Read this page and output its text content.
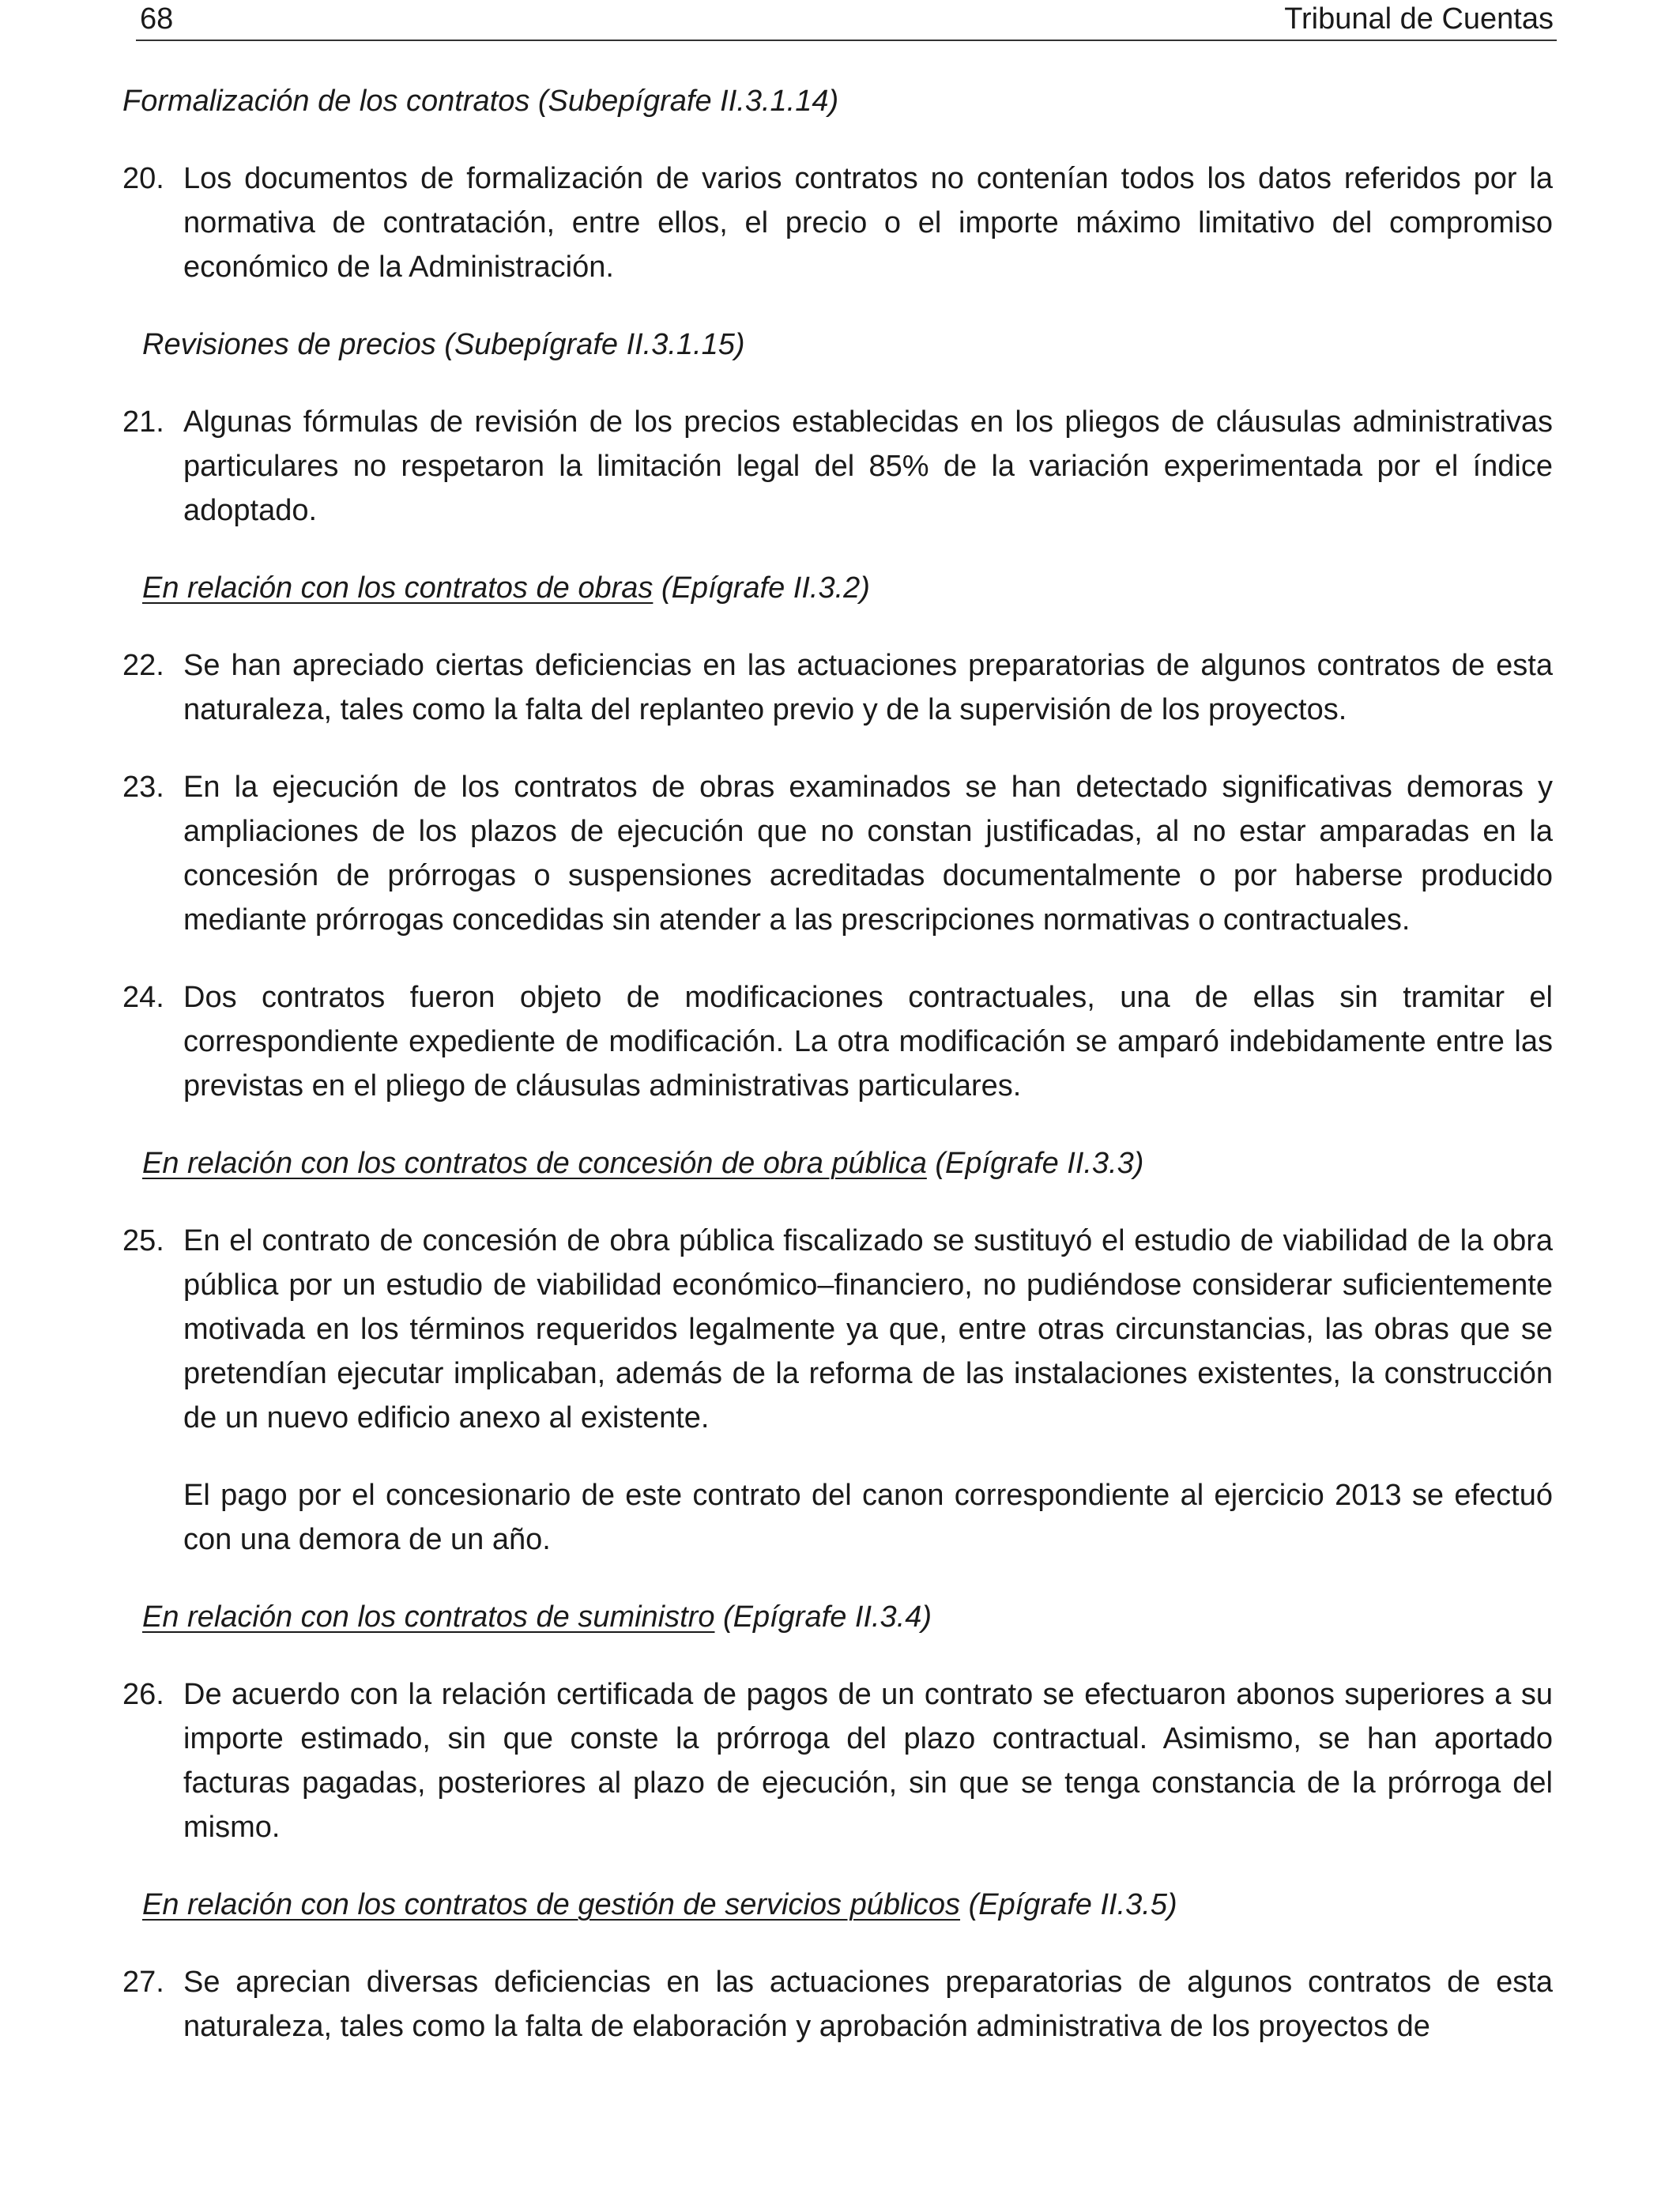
68	Tribunal de Cuentas

Formalización de los contratos (Subepígrafe II.3.1.14)

20. Los documentos de formalización de varios contratos no contenían todos los datos referidos por la normativa de contratación, entre ellos, el precio o el importe máximo limitativo del compromiso económico de la Administración.

Revisiones de precios (Subepígrafe II.3.1.15)

21. Algunas fórmulas de revisión de los precios establecidas en los pliegos de cláusulas administrativas particulares no respetaron la limitación legal del 85% de la variación experimentada por el índice adoptado.

En relación con los contratos de obras (Epígrafe II.3.2)

22. Se han apreciado ciertas deficiencias en las actuaciones preparatorias de algunos contratos de esta naturaleza, tales como la falta del replanteo previo y de la supervisión de los proyectos.

23. En la ejecución de los contratos de obras examinados se han detectado significativas demoras y ampliaciones de los plazos de ejecución que no constan justificadas, al no estar amparadas en la concesión de prórrogas o suspensiones acreditadas documentalmente o por haberse producido mediante prórrogas concedidas sin atender a las prescripciones normativas o contractuales.

24. Dos contratos fueron objeto de modificaciones contractuales, una de ellas sin tramitar el correspondiente expediente de modificación. La otra modificación se amparó indebidamente entre las previstas en el pliego de cláusulas administrativas particulares.

En relación con los contratos de concesión de obra pública (Epígrafe II.3.3)

25. En el contrato de concesión de obra pública fiscalizado se sustituyó el estudio de viabilidad de la obra pública por un estudio de viabilidad económico–financiero, no pudiéndose considerar suficientemente motivada en los términos requeridos legalmente ya que, entre otras circunstancias, las obras que se pretendían ejecutar implicaban, además de la reforma de las instalaciones existentes, la construcción de un nuevo edificio anexo al existente.

El pago por el concesionario de este contrato del canon correspondiente al ejercicio 2013 se efectuó con una demora de un año.

En relación con los contratos de suministro (Epígrafe II.3.4)

26. De acuerdo con la relación certificada de pagos de un contrato se efectuaron abonos superiores a su importe estimado, sin que conste la prórroga del plazo contractual. Asimismo, se han aportado facturas pagadas, posteriores al plazo de ejecución, sin que se tenga constancia de la prórroga del mismo.

En relación con los contratos de gestión de servicios públicos (Epígrafe II.3.5)

27. Se aprecian diversas deficiencias en las actuaciones preparatorias de algunos contratos de esta naturaleza, tales como la falta de elaboración y aprobación administrativa de los proyectos de
